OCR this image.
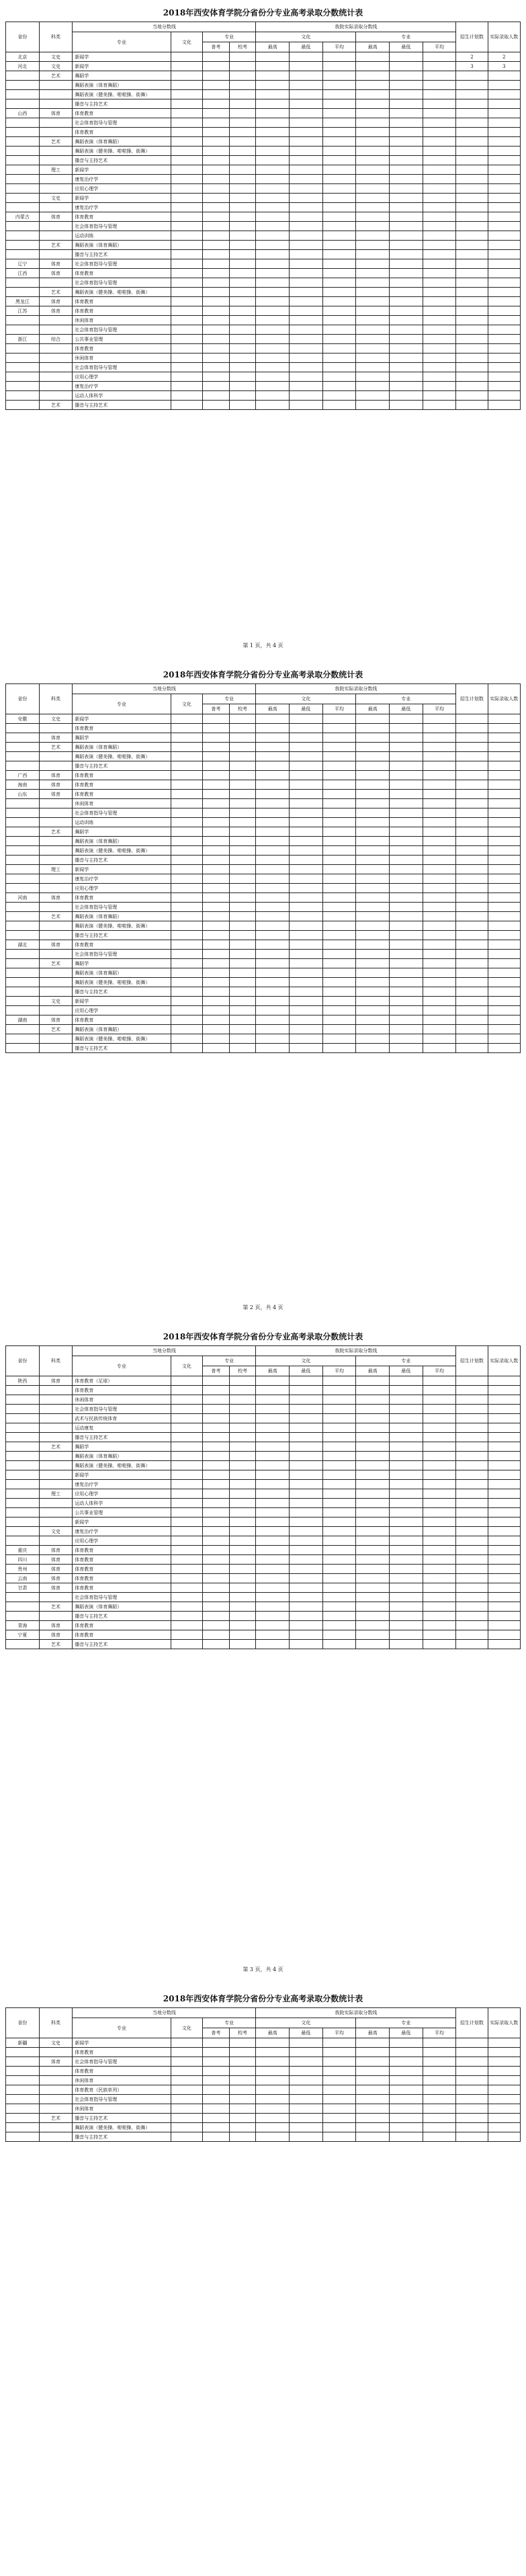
2018年西安体育学院分省份分专业高考录取分数统计表
省份	科类	当地分数线				我院实际录取分数线						招生计划数	实际录取人数
		专业	文化	专业		文化			专业				
				普考	校考	最高	最低	平均	最高	最低	平均		
北京	文史	新闻学										2	2
河北	文史	新闻学										3	3
	艺术	舞蹈学											
		舞蹈表演（体育舞蹈）											
		舞蹈表演（健美操、啦啦操、街舞）											
		播音与主持艺术											
山西	体育	体育教育											
		社会体育指导与管理											
		体育教育											
	艺术	舞蹈表演（体育舞蹈）											
		舞蹈表演（健美操、啦啦操、街舞）											
		播音与主持艺术											
	理工	新闻学											
		康复治疗学											
		应用心理学											
	文史	新闻学											
		康复治疗学											
内蒙古	体育	体育教育											
		社会体育指导与管理											
		运动训练											
	艺术	舞蹈表演（体育舞蹈）											
		播音与主持艺术											
辽宁	体育	社会体育指导与管理											
江西	体育	体育教育											
		社会体育指导与管理											
	艺术	舞蹈表演（健美操、啦啦操、街舞）											
黑龙江	体育	体育教育											
江苏	体育	体育教育											
		休闲体育											
		社会体育指导与管理											
浙江	综合	公共事业管理											
		体育教育											
		休闲体育											
		社会体育指导与管理											
		应用心理学											
		康复治疗学											
		运动人体科学											
	艺术	播音与主持艺术											
第 1 页，共 4 页
2018年西安体育学院分省份分专业高考录取分数统计表
省份	科类	当地分数线				我院实际录取分数线						招生计划数	实际录取人数
		专业	文化	专业		文化			专业				
				普考	校考	最高	最低	平均	最高	最低	平均		
安徽	文史	新闻学											
		体育教育											
	体育	舞蹈学											
	艺术	舞蹈表演（体育舞蹈）											
		舞蹈表演（健美操、啦啦操、街舞）											
		播音与主持艺术											
广西	体育	体育教育											
海南	体育	体育教育											
山东	体育	体育教育											
		休闲体育											
		社会体育指导与管理											
		运动训练											
	艺术	舞蹈学											
		舞蹈表演（体育舞蹈）											
		舞蹈表演（健美操、啦啦操、街舞）											
		播音与主持艺术											
	理工	新闻学											
		康复治疗学											
		应用心理学											
河南	体育	体育教育											
		社会体育指导与管理											
	艺术	舞蹈表演（体育舞蹈）											
		舞蹈表演（健美操、啦啦操、街舞）											
		播音与主持艺术											
湖北	体育	体育教育											
		社会体育指导与管理											
	艺术	舞蹈学											
		舞蹈表演（体育舞蹈）											
		舞蹈表演（健美操、啦啦操、街舞）											
		播音与主持艺术											
	文史	新闻学											
		应用心理学											
湖南	体育	体育教育											
	艺术	舞蹈表演（体育舞蹈）											
		舞蹈表演（健美操、啦啦操、街舞）											
		播音与主持艺术											
第 2 页，共 4 页
2018年西安体育学院分省份分专业高考录取分数统计表
省份	科类	当地分数线				我院实际录取分数线						招生计划数	实际录取人数
		专业	文化	专业		文化			专业				
				普考	校考	最高	最低	平均	最高	最低	平均		
陕西	体育	体育教育（足球）											
		体育教育											
		休闲体育											
		社会体育指导与管理											
		武术与民族传统体育											
		运动康复											
		播音与主持艺术											
	艺术	舞蹈学											
		舞蹈表演（体育舞蹈）											
		舞蹈表演（健美操、啦啦操、街舞）											
		新闻学											
		康复治疗学											
	理工	应用心理学											
		运动人体科学											
		公共事业管理											
		新闻学											
	文史	康复治疗学											
		应用心理学											
重庆	体育	体育教育											
四川	体育	体育教育											
贵州	体育	体育教育											
云南	体育	体育教育											
甘肃	体育	体育教育											
		社会体育指导与管理											
	艺术	舞蹈表演（体育舞蹈）											
		播音与主持艺术											
青海	体育	体育教育											
宁夏	体育	体育教育											
	艺术	播音与主持艺术											
第 3 页，共 4 页
2018年西安体育学院分省份分专业高考录取分数统计表
省份	科类	当地分数线				我院实际录取分数线						招生计划数	实际录取人数
		专业	文化	专业		文化			专业				
				普考	校考	最高	最低	平均	最高	最低	平均		
新疆	文史	新闻学											
		体育教育											
	体育	社会体育指导与管理											
		体育教育											
		休闲体育											
		体育教育（民族单列）											
		社会体育指导与管理											
		休闲体育											
	艺术	播音与主持艺术											
		舞蹈表演（健美操、啦啦操、街舞）											
		播音与主持艺术											
